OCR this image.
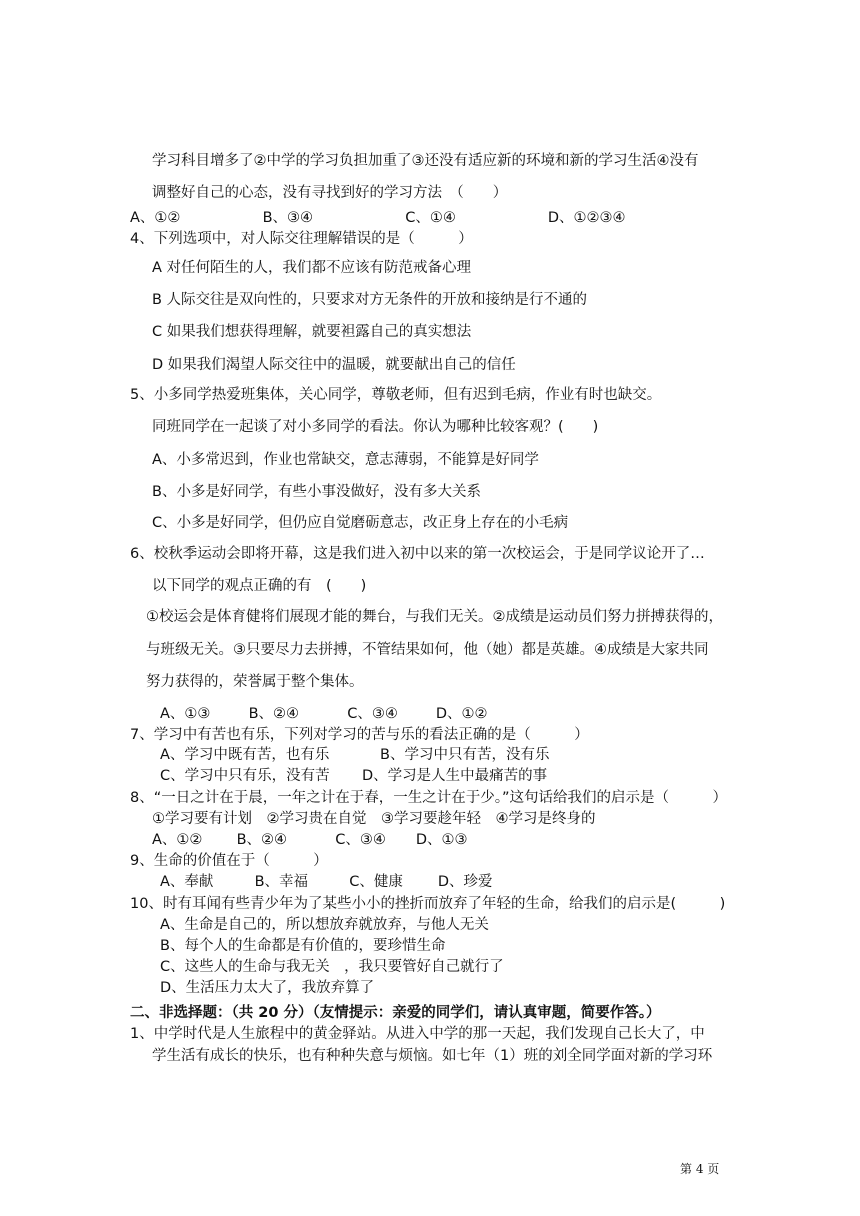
学习科目增多了②中学的学习负担加重了③还没有适应新的环境和新的学习生活④没有
调整好自己的心态，没有寻找到好的学习方法　（　　）
A、①②	B、③④	C、①④	D、①②③④
4、下列选项中，对人际交往理解错误的是（　　　）
A 对任何陌生的人，我们都不应该有防范戒备心理
B 人际交往是双向性的，只要求对方无条件的开放和接纳是行不通的
C 如果我们想获得理解，就要袒露自己的真实想法
D 如果我们渴望人际交往中的温暖，就要献出自己的信任
5、小多同学热爱班集体，关心同学，尊敬老师，但有迟到毛病，作业有时也缺交。
同班同学在一起谈了对小多同学的看法。你认为哪种比较客观？(　　)
A、小多常迟到，作业也常缺交，意志薄弱，不能算是好同学
B、小多是好同学，有些小事没做好，没有多大关系
C、小多是好同学，但仍应自觉磨砺意志，改正身上存在的小毛病
6、校秋季运动会即将开幕，这是我们进入初中以来的第一次校运会，于是同学议论开了…
以下同学的观点正确的有　(　　)
①校运会是体育健将们展现才能的舞台，与我们无关。②成绩是运动员们努力拼搏获得的，
与班级无关。③只要尽力去拼搏，不管结果如何，他（她）都是英雄。④成绩是大家共同
努力获得的，荣誉属于整个集体。
A、①③	B、②④	C、③④	D、①②
7、学习中有苦也有乐，下列对学习的苦与乐的看法正确的是（　　　）
A、学习中既有苦，也有乐	B、学习中只有苦，没有乐
C、学习中只有乐，没有苦 D、学习是人生中最痛苦的事
8、“一日之计在于晨，一年之计在于春，一生之计在于少。”这句话给我们的启示是（　　　）
①学习要有计划　②学习贵在自觉　③学习要趁年轻　④学习是终身的
A、①② B、②④	C、③④ D、①③
9、生命的价值在于（　　　）
A、奉献	B、幸福	C、健康 D、珍爱
10、时有耳闻有些青少年为了某些小小的挫折而放弃了年轻的生命，给我们的启示是(　　　)
A、生命是自己的，所以想放弃就放弃，与他人无关
B、每个人的生命都是有价值的，要珍惜生命
C、这些人的生命与我无关　，我只要管好自己就行了
D、生活压力太大了，我放弃算了
二、非选择题：（共 20 分）（友情提示：亲爱的同学们，请认真审题，简要作答。）
1、中学时代是人生旅程中的黄金驿站。从进入中学的那一天起，我们发现自己长大了，中
学生活有成长的快乐，也有种种失意与烦恼。如七年（1）班的刘全同学面对新的学习环
第 4 页
